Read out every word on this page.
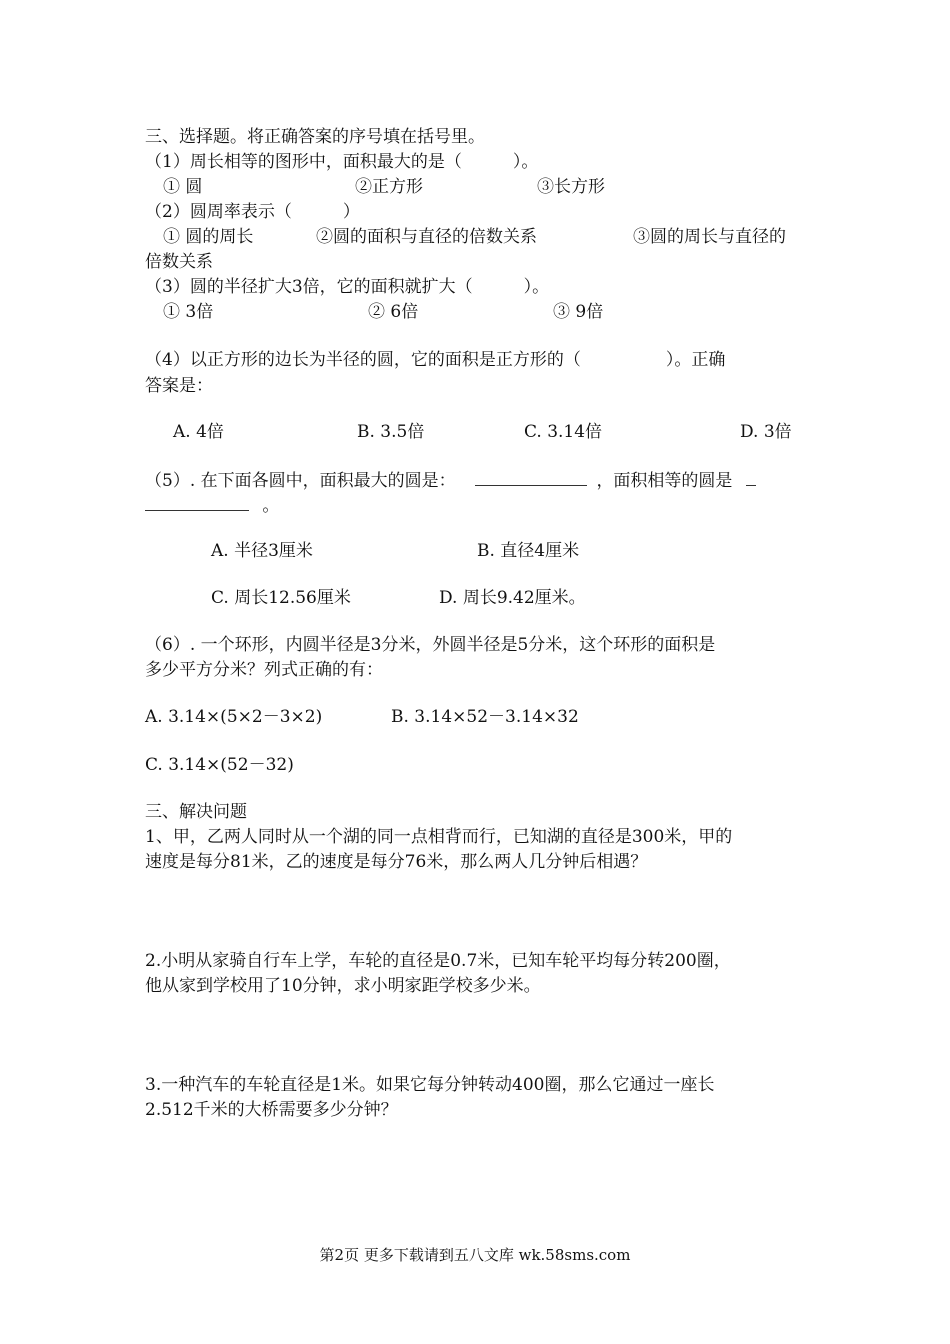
三、选择题。将正确答案的序号填在括号里。
（1）周长相等的图形中，面积最大的是（　　　）。
① 圆	②正方形	③长方形
（2）圆周率表示（　　　）
① 圆的周长	②圆的面积与直径的倍数关系	③圆的周长与直径的
倍数关系
（3）圆的半径扩大3倍，它的面积就扩大（　　　）。
① 3倍	② 6倍	③ 9倍
（4）以正方形的边长为半径的圆，它的面积是正方形的（　　　　　）。正确
答案是：
A. 4倍	B. 3.5倍	C. 3.14倍	D. 3倍
（5）. 在下面各圆中，面积最大的圆是：	，面积相等的圆是
。
A. 半径3厘米	B. 直径4厘米
C. 周长12.56厘米	D. 周长9.42厘米。
（6）. 一个环形，内圆半径是3分米，外圆半径是5分米，这个环形的面积是
多少平方分米？列式正确的有：
A. 3.14×(5×2－3×2)	B. 3.14×52－3.14×32
C. 3.14×(52－32)
三、解决问题
1、甲，乙两人同时从一个湖的同一点相背而行，已知湖的直径是300米，甲的
速度是每分81米，乙的速度是每分76米，那么两人几分钟后相遇？
2.小明从家骑自行车上学，车轮的直径是0.7米，已知车轮平均每分转200圈，
他从家到学校用了10分钟，求小明家距学校多少米。
3.一种汽车的车轮直径是1米。如果它每分钟转动400圈，那么它通过一座长
2.512千米的大桥需要多少分钟？
第2页 更多下载请到五八文库 wk.58sms.com
